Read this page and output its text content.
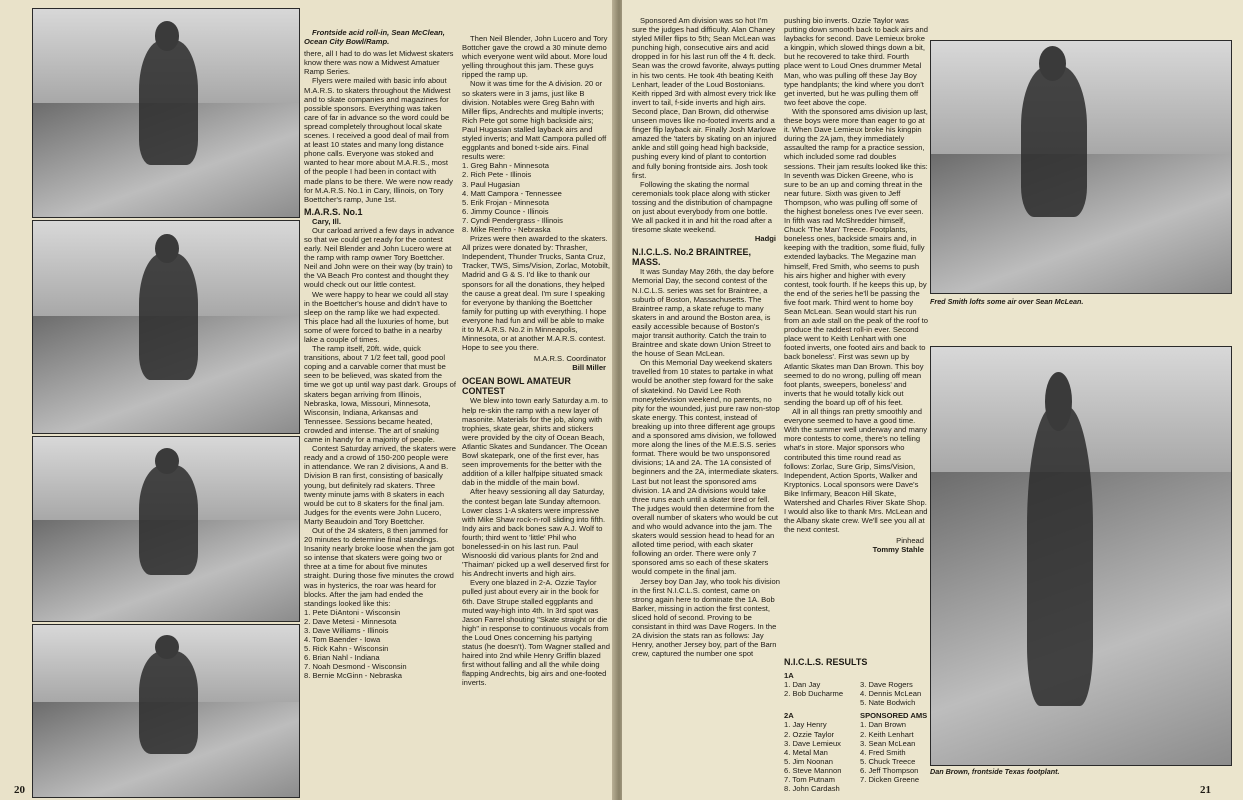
Frontside acid roll-in, Sean McClean, Ocean City Bowl/Ramp.

there, all I had to do was let Midwest skaters know there was now a Midwest Amatuer Ramp Series.

Flyers were mailed with basic info about M.A.R.S. to skaters throughout the Midwest and to skate companies and magazines for possible sponsors. Everything was taken care of far in advance so the word could be spread completely throughout local skate scenes. I received a good deal of mail from at least 10 states and many long distance phone calls. Everyone was stoked and wanted to hear more about M.A.R.S., most of the people I had been in contact with made plans to be there. We were now ready for M.A.R.S. No.1 in Cary, Illinois, on Tory Boettcher's ramp, June 1st.

M.A.R.S. No.1

Cary, Ill.

Our carload arrived a few days in advance so that we could get ready for the contest early. Neil Blender and John Lucero were at the ramp with ramp owner Tory Boettcher. Neil and John were on their way (by train) to the VA Beach Pro contest and thought they would check out our little contest.

We were happy to hear we could all stay in the Boettcher's house and didn't have to sleep on the ramp like we had expected. This place had all the luxuries of home, but some of were forced to bathe in a nearby lake a couple of times.

The ramp itself, 20ft. wide, quick transitions, about 7 1/2 feet tall, good pool coping and a carvable corner that must be seen to be believed, was skated from the time we got up until way past dark. Groups of skaters began arriving from Illinois, Nebraska, Iowa, Missouri, Minnesota, Wisconsin, Indiana, Arkansas and Tennessee. Sessions became heated, crowded and intense. The art of snaking came in handy for a majority of people.

Contest Saturday arrived, the skaters were ready and a crowd of 150-200 people were in attendance. We ran 2 divisions, A and B. Division B ran first, consisting of basically young, but definitely rad skaters. Three twenty minute jams with 8 skaters in each would be cut to 8 skaters for the final jam. Judges for the events were John Lucero, Marty Beaudoin and Tory Boettcher.

Out of the 24 skaters, 8 then jammed for 20 minutes to determine final standings. Insanity nearly broke loose when the jam got so intense that skaters were going two or three at a time for about five minutes straight. During those five minutes the crowd was in hysterics, the roar was heard for blocks. After the jam had ended the standings looked like this:

1. Pete DiAntoni - Wisconsin
2. Dave Metesi - Minnesota
3. Dave Williams - Illinois
4. Tom Baender - Iowa
5. Rick Kahn - Wisconsin
6. Brian Nahl - Indiana
7. Noah Desmond - Wisconsin
8. Bernie McGinn - Nebraska

Then Neil Blender, John Lucero and Tory Bottcher gave the crowd a 30 minute demo which everyone went wild about. More loud yelling throughout this jam. These guys ripped the ramp up.

Now it was time for the A division. 20 or so skaters were in 3 jams, just like B division. Notables were Greg Bahn with Miller flips, Andrechts and multiple inverts; Rich Pete got some high backside airs; Paul Hugasian stalled layback airs and styled inverts; and Matt Campora pulled off eggplants and boned t-side airs. Final results were:

1. Greg Bahn - Minnesota
2. Rich Pete - Illinois
3. Paul Hugasian
4. Matt Campora - Tennessee
5. Erik Frojan - Minnesota
6. Jimmy Counce - Illinois
7. Cyndi Pendergrass - Illinois
8. Mike Renfro - Nebraska

Prizes were then awarded to the skaters. All prizes were donated by: Thrasher, Independent, Thunder Trucks, Santa Cruz, Tracker, TWS, Sims/Vision, Zorlac, Motobilt, Madrid and G & S. I'd like to thank our sponsors for all the donations, they helped the cause a great deal. I'm sure I speaking for everyone by thanking the Boettcher family for putting up with everything. I hope everyone had fun and will be able to make it to M.A.R.S. No.2 in Minneapolis, Minnesota, or at another M.A.R.S. contest. Hope to see you there.

M.A.R.S. Coordinator

Bill Miller

OCEAN BOWL AMATEUR CONTEST

We blew into town early Saturday a.m. to help re-skin the ramp with a new layer of masonite. Materials for the job, along with trophies, skate gear, shirts and stickers were provided by the city of Ocean Beach, Atlantic Skates and Sundancer. The Ocean Bowl skatepark, one of the first ever, has seen improvements for the better with the addition of a killer halfpipe situated smack dab in the middle of the main bowl.

After heavy sessioning all day Saturday, the contest began late Sunday afternoon. Lower class 1-A skaters were impressive with Mike Shaw rock-n-roll sliding into fifth. Indy airs and back bones saw A.J. Wolf to fourth; third went to 'little' Phil who bonelessed-in on his last run. Paul Wisnooski did various plants for 2nd and 'Thaiman' picked up a well deserved first for his Andrecht inverts and high airs.

Every one blazed in 2-A. Ozzie Taylor pulled just about every air in the book for 6th. Dave Strupe stalled eggplants and muted way-high into 4th. In 3rd spot was Jason Farrel shouting "Skate straight or die high" in response to continuous vocals from the Loud Ones concerning his partying status (he doesn't). Tom Wagner stalled and haired into 2nd while Henry Griffin blazed first without falling and all the while doing flapping Andrechts, big airs and one-footed inverts.

20

Sponsored Am division was so hot I'm sure the judges had difficulty. Alan Chaney styled Miller flips to 5th; Sean McLean was punching high, consecutive airs and acid dropped in for his last run off the 4 ft. deck. Sean was the crowd favorite, always putting in his two cents. He took 4th beating Keith Lenhart, leader of the Loud Bostonians. Keith ripped 3rd with almost every trick like invert to tail, f-side inverts and high airs. Second place, Dan Brown, did otherwise unseen moves like no-footed inverts and a finger flip layback air. Finally Josh Marlowe amazed the 'taters by skating on an injured ankle and still going head high backside, pushing every kind of plant to contortion and fully boning frontside airs. Josh took first.

Following the skating the normal ceremonials took place along with sticker tossing and the distribution of champagne on just about everybody from one bottle. We all packed it in and hit the road after a tiresome skate weekend.

Hadgi

N.I.C.L.S. No.2 BRAINTREE, MASS.

It was Sunday May 26th, the day before Memorial Day, the second contest of the N.I.C.L.S. series was set for Braintree, a suburb of Boston, Massachusetts. The Braintree ramp, a skate refuge to many skaters in and around the Boston area, is easily accessible because of Boston's major transit authority. Catch the train to Braintree and skate down Union Street to the house of Sean McLean.

On this Memorial Day weekend skaters travelled from 10 states to partake in what would be another step foward for the sake of skatekind. No David Lee Roth moneytelevision weekend, no parents, no pity for the wounded, just pure raw non-stop skate energy. This contest, instead of breaking up into three different age groups and a sponsored ams division, we followed more along the lines of the M.E.S.S. series format. There would be two unsponsored divisions; 1A and 2A. The 1A consisted of beginners and the 2A, intermediate skaters. Last but not least the sponsored ams division. 1A and 2A divisions would take three runs each until a skater tired or fell. The judges would then determine from the overall number of skaters who would be cut and who would advance into the jam. The skaters would session head to head for an alloted time period, with each skater following an order. There were only 7 sponsored ams so each of these skaters would compete in the final jam.

Jersey boy Dan Jay, who took his division in the first N.I.C.L.S. contest, came on strong again here to dominate the 1A. Bob Barker, missing in action the first contest, sliced hold of second. Proving to be consistant in third was Dave Rogers. In the 2A division the stats ran as follows: Jay Henry, another Jersey boy, part of the Barn crew, captured the number one spot

pushing bio inverts. Ozzie Taylor was putting down smooth back to back airs and laybacks for second. Dave Lemieux broke a kingpin, which slowed things down a bit, but he recovered to take third. Fourth place went to Loud Ones drummer Metal Man, who was pulling off these Jay Boy type handplants; the kind where you don't get inverted, but he was pulling them off two feet above the cope.

With the sponsored ams division up last, these boys were more than eager to go at it. When Dave Lemieux broke his kingpin during the 2A jam, they immediately assaulted the ramp for a practice session, which included some rad doubles sessions. Their jam results looked like this: In seventh was Dicken Greene, who is sure to be an up and coming threat in the near future. Sixth was given to Jeff Thompson, who was pulling off some of the highest boneless ones I've ever seen. In fifth was rad McShredder himself, Chuck 'The Man' Treece. Footplants, boneless ones, backside smairs and, in keeping with the tradition, some fluid, fully extended laybacks. The Megazine man himself, Fred Smith, who seems to push his airs higher and higher with every contest, took fourth. If he keeps this up, by the end of the series he'll be passing the five foot mark. Third went to home boy Sean McLean. Sean would start his run from an axle stall on the peak of the roof to produce the raddest roll-in ever. Second place went to Keith Lenhart with one footed inverts, one footed airs and back to back boneless'. First was sewn up by Atlantic Skates man Dan Brown. This boy seemed to do no wrong, pulling off mean foot plants, sweepers, boneless' and inverts that he would totally kick out sending the board up off of his feet.

All in all things ran pretty smoothly and everyone seemed to have a good time. With the summer well underway and many more contests to come, there's no telling what's in store. Major sponsors who contributed this time round read as follows: Zorlac, Sure Grip, Sims/Vision, Independent, Action Sports, Walker and Kryptonics. Local sponsors were Dave's Bike Infirmary, Beacon Hill Skate, Watershed and Charles River Skate Shop. I would also like to thank Mrs. McLean and the Albany skate crew. We'll see you all at the next contest.

Pinhead

Tommy Stahle

N.I.C.L.S. RESULTS
1A
1. Dan Jay
2. Bob Ducharme
3. Dave Rogers
4. Dennis McLean
5. Nate Bodwich
2A
1. Jay Henry
2. Ozzie Taylor
3. Dave Lemieux
4. Metal Man
5. Jim Noonan
6. Steve Mannon
7. Tom Putnam
8. John Cardash
SPONSORED AMS
1. Dan Brown
2. Keith Lenhart
3. Sean McLean
4. Fred Smith
5. Chuck Treece
6. Jeff Thompson
7. Dicken Greene
Fred Smith lofts some air over Sean McLean.
Dan Brown, frontside Texas footplant.
21
